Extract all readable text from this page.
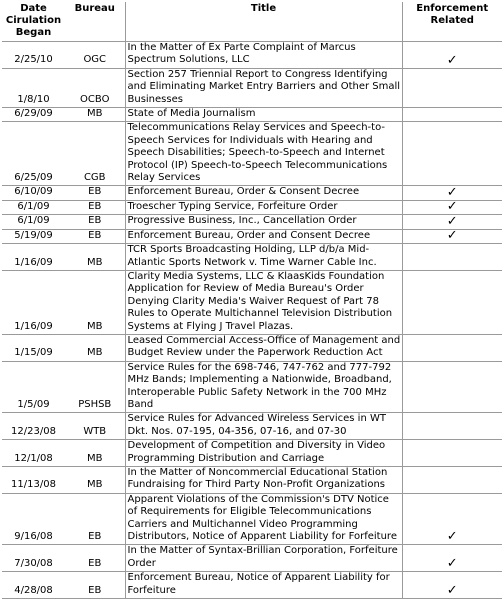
Date Cirulation Began	Bureau	Title	Enforcement Related
2/25/10	OGC	In the Matter of Ex Parte Complaint of Marcus Spectrum Solutions, LLC	✓
1/8/10	OCBO	Section 257 Triennial Report to Congress Identifying and Eliminating Market Entry Barriers and Other Small Businesses	
6/29/09	MB	State of Media Journalism	
6/25/09	CGB	Telecommunications Relay Services and Speech-to-Speech Services for Individuals with Hearing and Speech Disabilities; Speech-to-Speech and Internet Protocol (IP) Speech-to-Speech Telecommunications Relay Services	
6/10/09	EB	Enforcement Bureau, Order & Consent Decree	✓
6/1/09	EB	Troescher Typing Service, Forfeiture Order	✓
6/1/09	EB	Progressive Business, Inc., Cancellation Order	✓
5/19/09	EB	Enforcement Bureau, Order and Consent Decree	✓
1/16/09	MB	TCR Sports Broadcasting Holding, LLP d/b/a Mid-Atlantic Sports Network v. Time Warner Cable Inc.	
1/16/09	MB	Clarity Media Systems, LLC & KlaasKids Foundation Application for Review of Media Bureau's Order Denying Clarity Media's Waiver Request of Part 78 Rules to Operate Multichannel Television Distribution Systems at Flying J Travel Plazas.	
1/15/09	MB	Leased Commercial Access-Office of Management and Budget Review under the Paperwork Reduction Act	
1/5/09	PSHSB	Service Rules for the 698-746, 747-762 and 777-792 MHz Bands; Implementing a Nationwide, Broadband, Interoperable Public Safety Network in the 700 MHz Band	
12/23/08	WTB	Service Rules for Advanced Wireless Services in WT Dkt. Nos. 07-195, 04-356, 07-16, and 07-30	
12/1/08	MB	Development of Competition and Diversity in Video Programming Distribution and Carriage	
11/13/08	MB	In the Matter of Noncommercial Educational Station Fundraising for Third Party Non-Profit Organizations	
9/16/08	EB	Apparent Violations of the Commission's DTV Notice of Requirements for Eligible Telecommunications Carriers and Multichannel Video Programming Distributors, Notice of Apparent Liability for Forfeiture	✓
7/30/08	EB	In the Matter of Syntax-Brillian Corporation, Forfeiture Order	✓
4/28/08	EB	Enforcement Bureau, Notice of Apparent Liability for Forfeiture	✓
